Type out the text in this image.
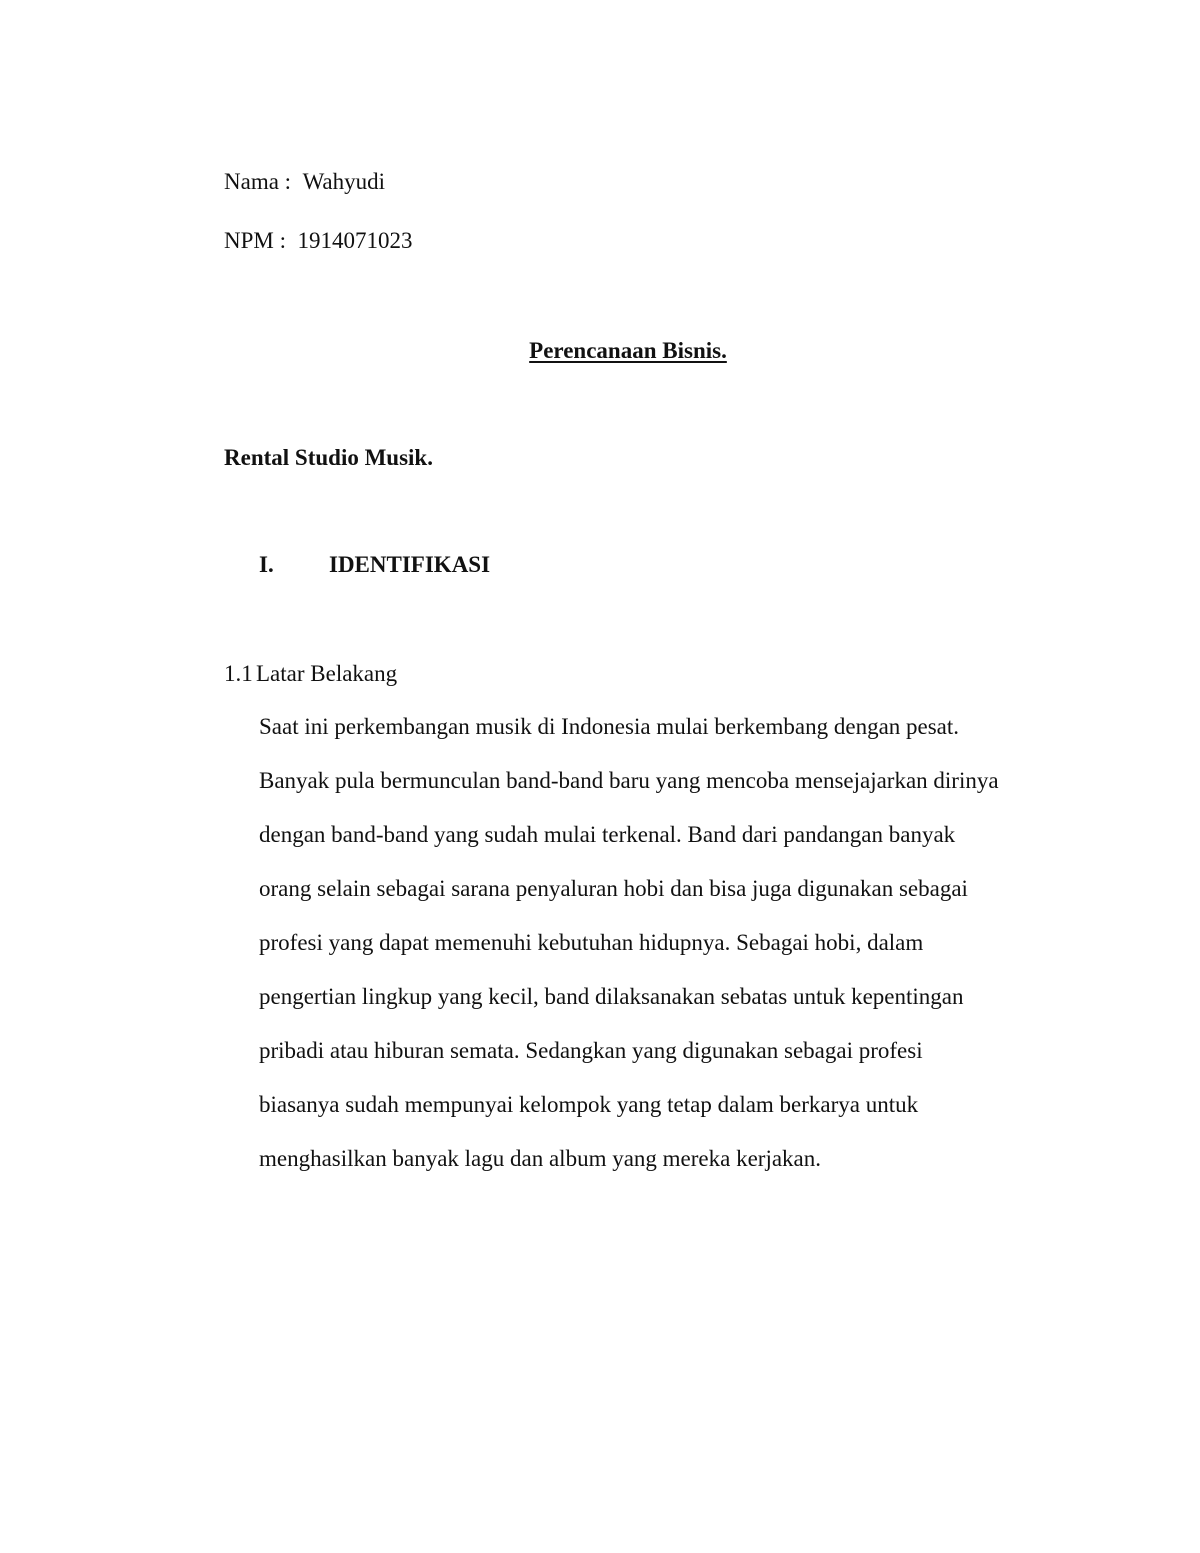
Nama : Wahyudi
NPM : 1914071023
Perencanaan Bisnis.
Rental Studio Musik.
I. IDENTIFIKASI
1.1 Latar Belakang
Saat ini perkembangan musik di Indonesia mulai berkembang dengan pesat.
Banyak pula bermunculan band-band baru yang mencoba mensejajarkan dirinya
dengan band-band yang sudah mulai terkenal. Band dari pandangan banyak
orang selain sebagai sarana penyaluran hobi dan bisa juga digunakan sebagai
profesi yang dapat memenuhi kebutuhan hidupnya. Sebagai hobi, dalam
pengertian lingkup yang kecil, band dilaksanakan sebatas untuk kepentingan
pribadi atau hiburan semata. Sedangkan yang digunakan sebagai profesi
biasanya sudah mempunyai kelompok yang tetap dalam berkarya untuk
menghasilkan banyak lagu dan album yang mereka kerjakan.
